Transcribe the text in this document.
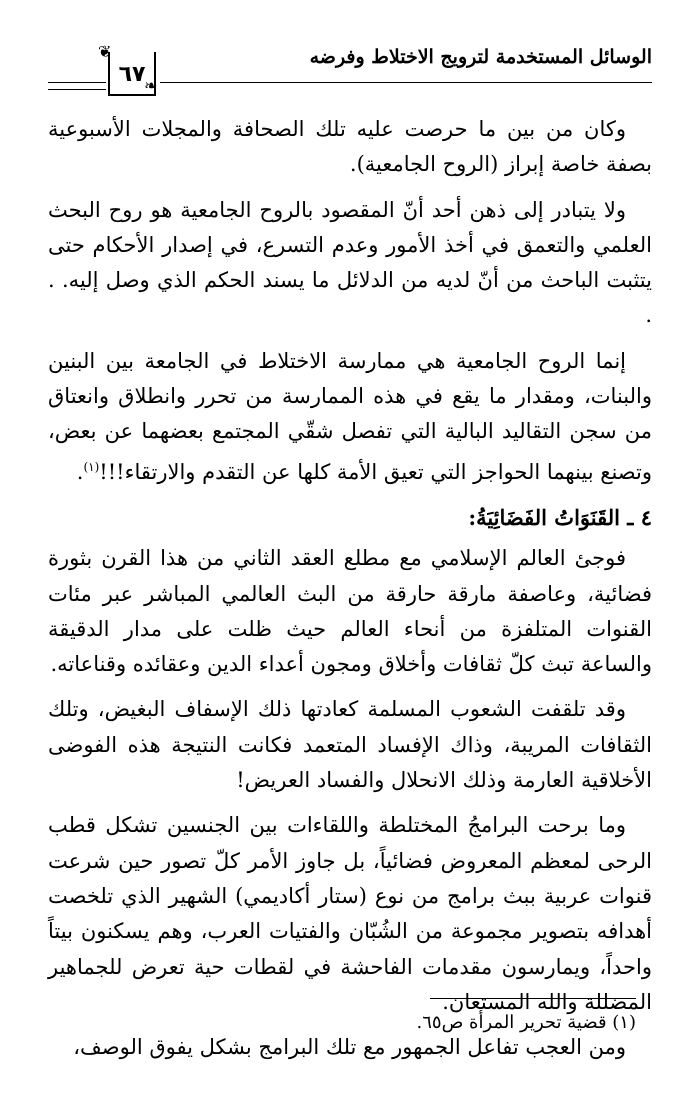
الوسائل المستخدمة لترويج الاختلاط وفرضه
❦
٦٧
❧

وكان من بين ما حرصت عليه تلك الصحافة والمجلات الأسبوعية بصفة خاصة إبراز (الروح الجامعية).

ولا يتبادر إلى ذهن أحد أنّ المقصود بالروح الجامعية هو روح البحث العلمي والتعمق في أخذ الأمور وعدم التسرع، في إصدار الأحكام حتى يتثبت الباحث من أنّ لديه من الدلائل ما يسند الحكم الذي وصل إليه. . .

إنما الروح الجامعية هي ممارسة الاختلاط في الجامعة بين البنين والبنات، ومقدار ما يقع في هذه الممارسة من تحرر وانطلاق وانعتاق من سجن التقاليد البالية التي تفصل شقّي المجتمع بعضهما عن بعض، وتصنع بينهما الحواجز التي تعيق الأمة كلها عن التقدم والارتقاء!!!$^{(١)}$.

٤ ـ القَنَوَاتُ الفَضَائِيَةُ:

فوجئ العالم الإسلامي مع مطلع العقد الثاني من هذا القرن بثورة فضائية، وعاصفة مارقة حارقة من البث العالمي المباشر عبر مئات القنوات المتلفزة من أنحاء العالم حيث ظلت على مدار الدقيقة والساعة تبث كلّ ثقافات وأخلاق ومجون أعداء الدين وعقائده وقناعاته.

وقد تلقفت الشعوب المسلمة كعادتها ذلك الإسفاف البغيض، وتلك الثقافات المريبة، وذاك الإفساد المتعمد فكانت النتيجة هذه الفوضى الأخلاقية العارمة وذلك الانحلال والفساد العريض!

وما برحت البرامجُ المختلطة واللقاءات بين الجنسين تشكل قطب الرحى لمعظم المعروض فضائياً، بل جاوز الأمر كلّ تصور حين شرعت قنوات عربية ببث برامج من نوع (ستار أكاديمي) الشهير الذي تلخصت أهدافه بتصوير مجموعة من الشُبّان والفتيات العرب، وهم يسكنون بيتاً واحداً، ويمارسون مقدمات الفاحشة في لقطات حية تعرض للجماهير المضللة والله المستعان.

ومن العجب تفاعل الجمهور مع تلك البرامج بشكل يفوق الوصف،

(١) قضية تحرير المرأة ص٦٥.
